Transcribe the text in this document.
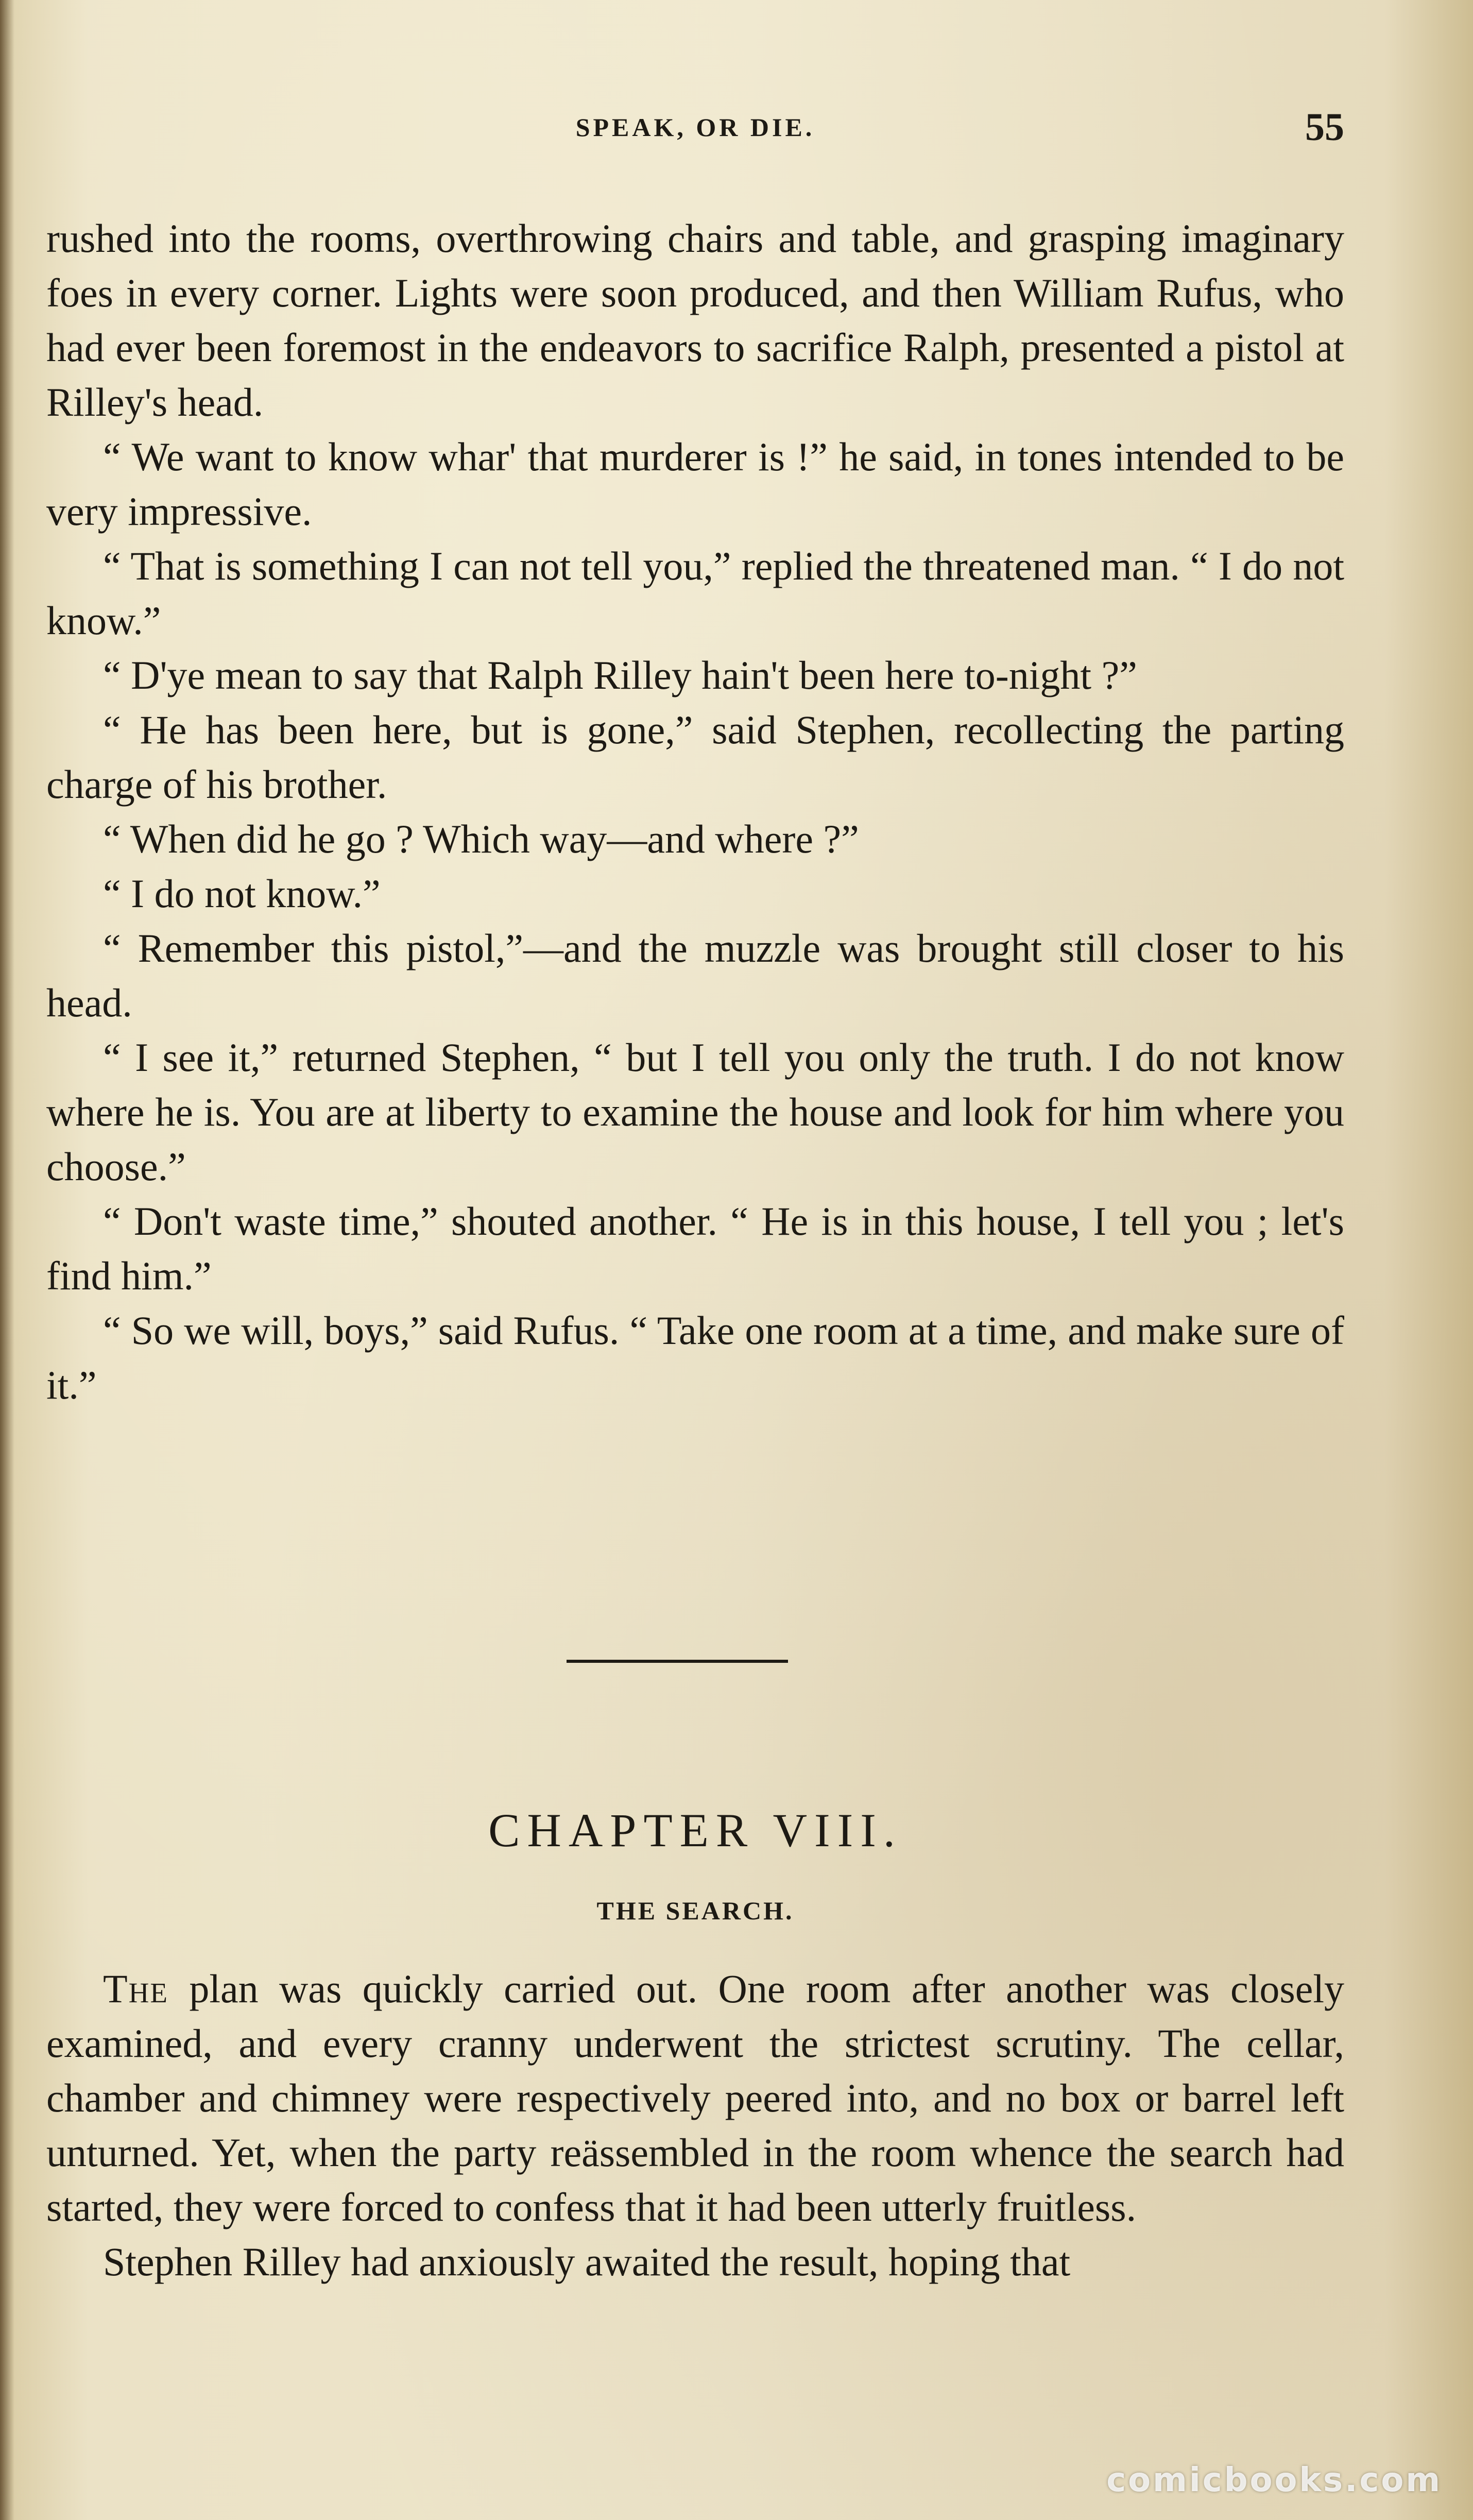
SPEAK, OR DIE.	55

rushed into the rooms, overthrowing chairs and table, and grasping imaginary foes in every corner. Lights were soon produced, and then William Rufus, who had ever been foremost in the endeavors to sacrifice Ralph, presented a pistol at Rilley's head.

“ We want to know whar' that murderer is !” he said, in tones intended to be very impressive.

“ That is something I can not tell you,” replied the threatened man. “ I do not know.”

“ D'ye mean to say that Ralph Rilley hain't been here to-night ?”

“ He has been here, but is gone,” said Stephen, recollecting the parting charge of his brother.

“ When did he go ? Which way—and where ?”

“ I do not know.”

“ Remember this pistol,”—and the muzzle was brought still closer to his head.

“ I see it,” returned Stephen, “ but I tell you only the truth. I do not know where he is. You are at liberty to examine the house and look for him where you choose.”

“ Don't waste time,” shouted another. “ He is in this house, I tell you ; let's find him.”

“ So we will, boys,” said Rufus. “ Take one room at a time, and make sure of it.”

CHAPTER VIII.
THE SEARCH.

The plan was quickly carried out. One room after another was closely examined, and every cranny underwent the strictest scrutiny. The cellar, chamber and chimney were respectively peered into, and no box or barrel left unturned. Yet, when the party reässembled in the room whence the search had started, they were forced to confess that it had been utterly fruitless.

Stephen Rilley had anxiously awaited the result, hoping that

comicbooks.com
